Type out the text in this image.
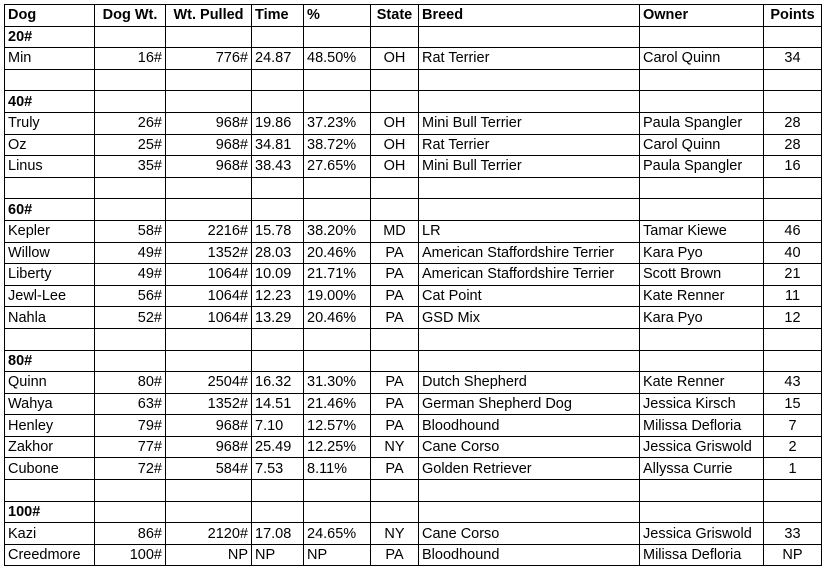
Dog	Dog Wt.	Wt. Pulled	Time	%	State	Breed	Owner	Points
20#								
Min	16#	776#	24.87	48.50%	OH	Rat Terrier	Carol Quinn	34

40#								
Truly	26#	968#	19.86	37.23%	OH	Mini Bull Terrier	Paula Spangler	28
Oz	25#	968#	34.81	38.72%	OH	Rat Terrier	Carol Quinn	28
Linus	35#	968#	38.43	27.65%	OH	Mini Bull Terrier	Paula Spangler	16

60#								
Kepler	58#	2216#	15.78	38.20%	MD	LR	Tamar Kiewe	46
Willow	49#	1352#	28.03	20.46%	PA	American Staffordshire Terrier	Kara Pyo	40
Liberty	49#	1064#	10.09	21.71%	PA	American Staffordshire Terrier	Scott Brown	21
Jewl-Lee	56#	1064#	12.23	19.00%	PA	Cat Point	Kate Renner	11
Nahla	52#	1064#	13.29	20.46%	PA	GSD Mix	Kara Pyo	12

80#								
Quinn	80#	2504#	16.32	31.30%	PA	Dutch Shepherd	Kate Renner	43
Wahya	63#	1352#	14.51	21.46%	PA	German Shepherd Dog	Jessica Kirsch	15
Henley	79#	968#	7.10	12.57%	PA	Bloodhound	Milissa Defloria	7
Zakhor	77#	968#	25.49	12.25%	NY	Cane Corso	Jessica Griswold	2
Cubone	72#	584#	7.53	8.11%	PA	Golden Retriever	Allyssa Currie	1

100#								
Kazi	86#	2120#	17.08	24.65%	NY	Cane Corso	Jessica Griswold	33
Creedmore	100#	NP	NP	NP	PA	Bloodhound	Milissa Defloria	NP
